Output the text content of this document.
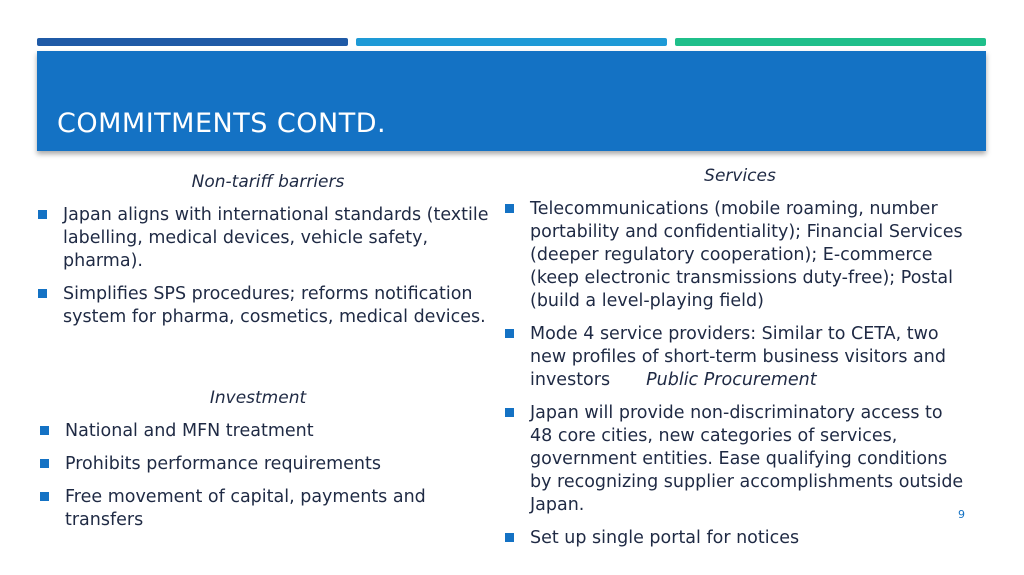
COMMITMENTS CONTD.
Non-tariff barriers
Japan aligns with international standards (textile labelling, medical devices, vehicle safety, pharma).
Simplifies SPS procedures; reforms notification system for pharma, cosmetics, medical devices.
Investment
National and MFN treatment
Prohibits performance requirements
Free movement of capital, payments and transfers
Services
Telecommunications (mobile roaming, number portability and confidentiality); Financial Services (deeper regulatory cooperation); E-commerce (keep electronic transmissions duty-free); Postal (build a level-playing field)
Mode 4 service providers: Similar to CETA, two new profiles of short-term business visitors and investors Public Procurement
Japan will provide non-discriminatory access to 48 core cities, new categories of services, government entities. Ease qualifying conditions by recognizing supplier accomplishments outside Japan.
Set up single portal for notices
9
